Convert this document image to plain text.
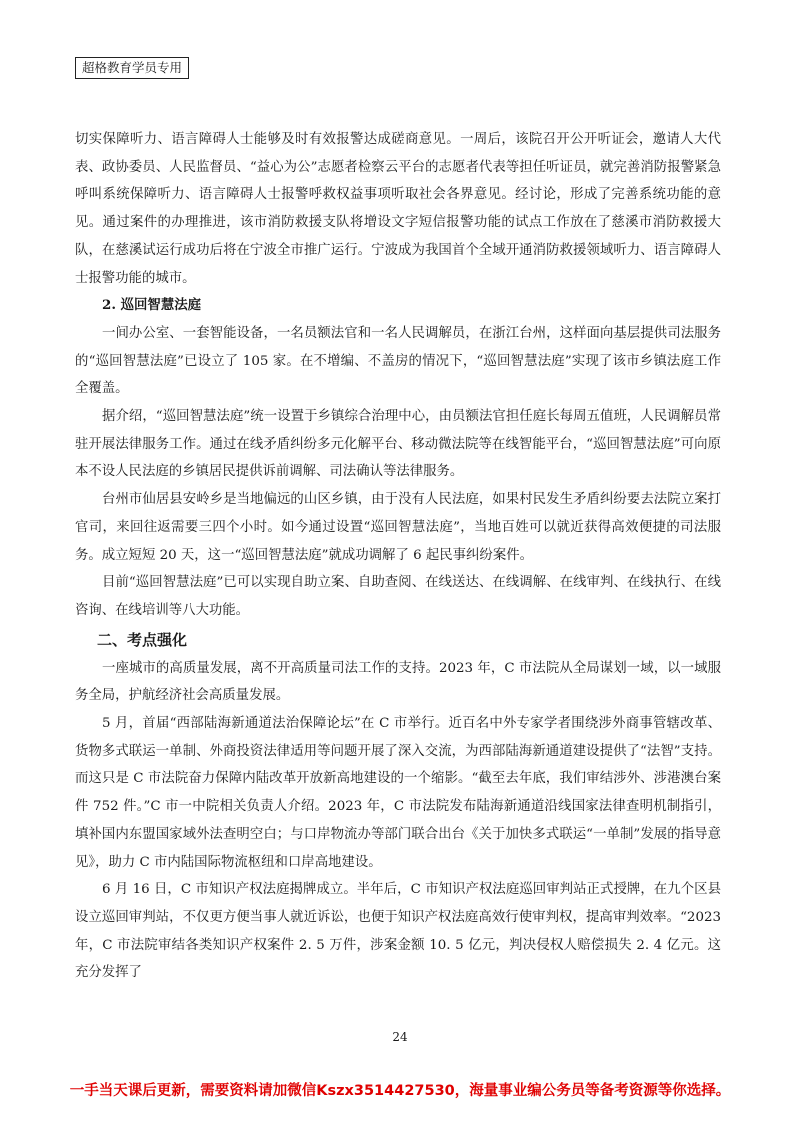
超格教育学员专用

切实保障听力、语言障碍人士能够及时有效报警达成磋商意见。一周后，该院召开公开听证会，邀请人大代表、政协委员、人民监督员、“益心为公”志愿者检察云平台的志愿者代表等担任听证员，就完善消防报警紧急呼叫系统保障听力、语言障碍人士报警呼救权益事项听取社会各界意见。经讨论，形成了完善系统功能的意见。通过案件的办理推进，该市消防救援支队将增设文字短信报警功能的试点工作放在了慈溪市消防救援大队，在慈溪试运行成功后将在宁波全市推广运行。宁波成为我国首个全域开通消防救援领域听力、语言障碍人士报警功能的城市。

2. 巡回智慧法庭

一间办公室、一套智能设备，一名员额法官和一名人民调解员，在浙江台州，这样面向基层提供司法服务的“巡回智慧法庭”已设立了 105 家。在不增编、不盖房的情况下，“巡回智慧法庭”实现了该市乡镇法庭工作全覆盖。

据介绍，“巡回智慧法庭”统一设置于乡镇综合治理中心，由员额法官担任庭长每周五值班，人民调解员常驻开展法律服务工作。通过在线矛盾纠纷多元化解平台、移动微法院等在线智能平台，“巡回智慧法庭”可向原本不设人民法庭的乡镇居民提供诉前调解、司法确认等法律服务。

台州市仙居县安岭乡是当地偏远的山区乡镇，由于没有人民法庭，如果村民发生矛盾纠纷要去法院立案打官司，来回往返需要三四个小时。如今通过设置“巡回智慧法庭”，当地百姓可以就近获得高效便捷的司法服务。成立短短 20 天，这一“巡回智慧法庭”就成功调解了 6 起民事纠纷案件。

目前“巡回智慧法庭”已可以实现自助立案、自助查阅、在线送达、在线调解、在线审判、在线执行、在线咨询、在线培训等八大功能。

二、考点强化

一座城市的高质量发展，离不开高质量司法工作的支持。2023 年，C 市法院从全局谋划一域，以一域服务全局，护航经济社会高质量发展。

5 月，首届“西部陆海新通道法治保障论坛”在 C 市举行。近百名中外专家学者围绕涉外商事管辖改革、货物多式联运一单制、外商投资法律适用等问题开展了深入交流，为西部陆海新通道建设提供了“法智”支持。而这只是 C 市法院奋力保障内陆改革开放新高地建设的一个缩影。“截至去年底，我们审结涉外、涉港澳台案件 752 件。”C 市一中院相关负责人介绍。2023 年，C 市法院发布陆海新通道沿线国家法律查明机制指引，填补国内东盟国家域外法查明空白；与口岸物流办等部门联合出台《关于加快多式联运“一单制”发展的指导意见》，助力 C 市内陆国际物流枢纽和口岸高地建设。

6 月 16 日，C 市知识产权法庭揭牌成立。半年后，C 市知识产权法庭巡回审判站正式授牌，在九个区县设立巡回审判站，不仅更方便当事人就近诉讼，也便于知识产权法庭高效行使审判权，提高审判效率。“2023 年，C 市法院审结各类知识产权案件 2. 5 万件，涉案金额 10. 5 亿元，判决侵权人赔偿损失 2. 4 亿元。这充分发挥了

24
一手当天课后更新，需要资料请加微信Kszx3514427530，海量事业编公务员等备考资源等你选择。
